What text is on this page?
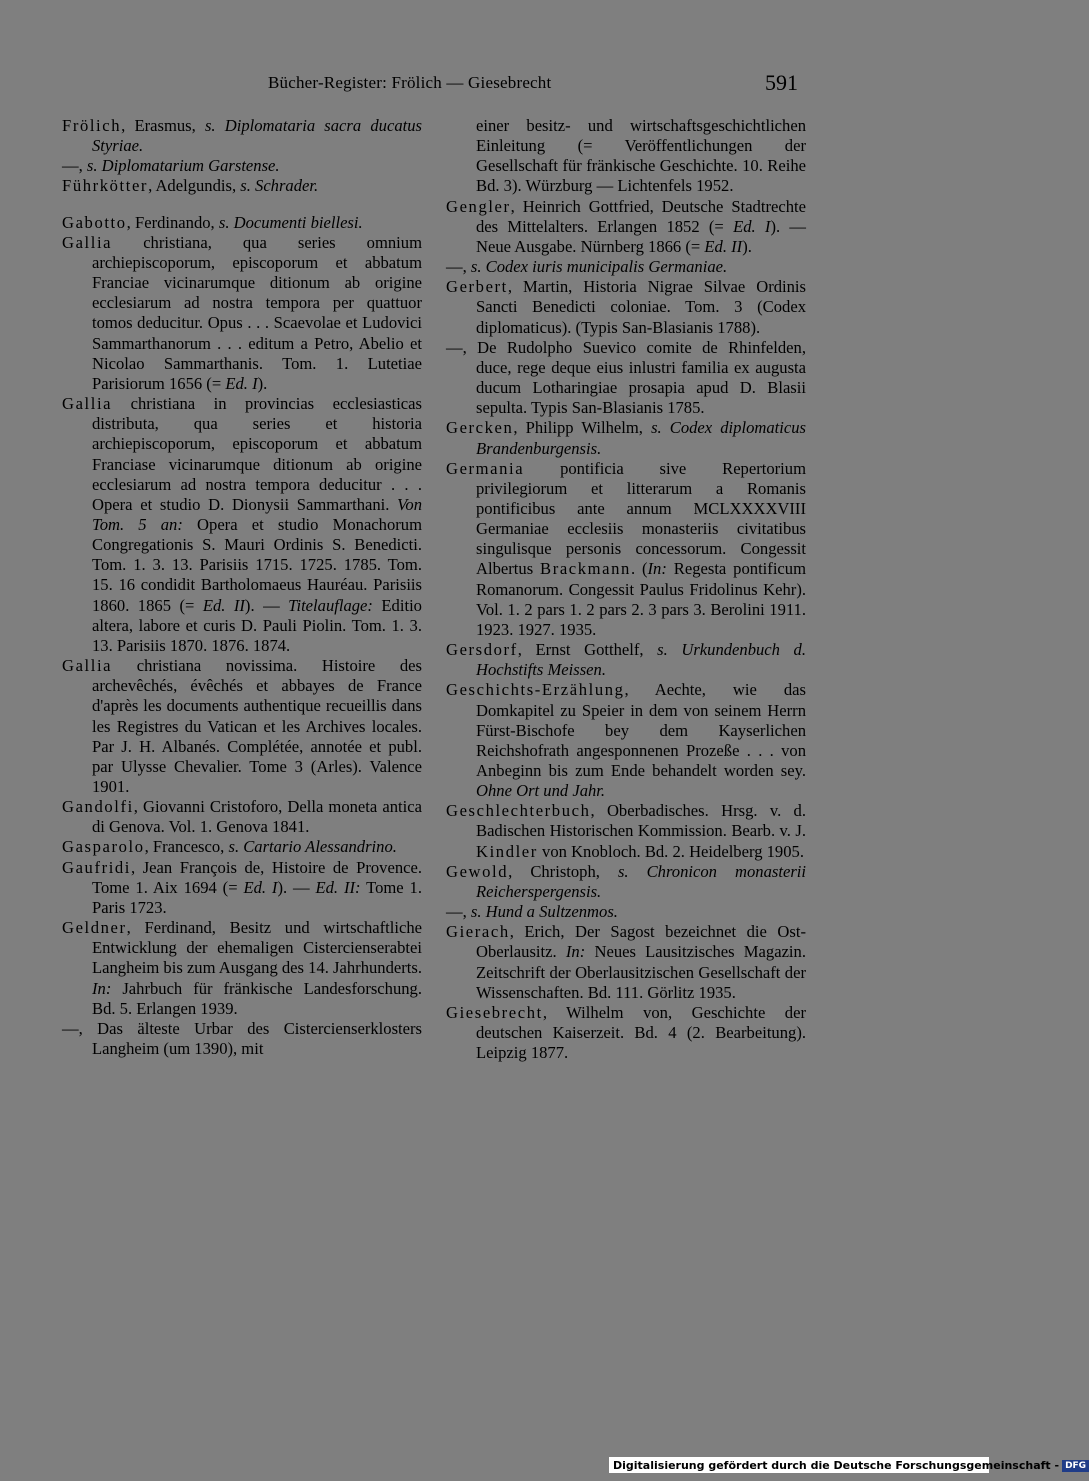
Bücher-Register: Frölich — Giesebrecht	591
Frölich, Erasmus, s. Diplomataria sacra ducatus Styriae.
—, s. Diplomatarium Garstense.
Führkötter, Adelgundis, s. Schrader.
Gabotto, Ferdinando, s. Documenti biellesi.
Gallia christiana, qua series omnium archiepiscoporum, episcoporum et abbatum Franciae vicinarumque ditionum ab origine ecclesiarum ad nostra tempora per quattuor tomos deducitur. Opus . . . Scaevolae et Ludovici Sammarthanorum . . . editum a Petro, Abelio et Nicolao Sammarthanis. Tom. 1. Lutetiae Parisiorum 1656 (= Ed. I).
Gallia christiana in provincias ecclesiasticas distributa, qua series et historia archiepiscoporum, episcoporum et abbatum Franciase vicinarumque ditionum ab origine ecclesiarum ad nostra tempora deducitur . . . Opera et studio D. Dionysii Sammarthani. Von Tom. 5 an: Opera et studio Monachorum Congregationis S. Mauri Ordinis S. Benedicti. Tom. 1. 3. 13. Parisiis 1715. 1725. 1785. Tom. 15. 16 condidit Bartholomaeus Hauréau. Parisiis 1860. 1865 (= Ed. II). — Titelauflage: Editio altera, labore et curis D. Pauli Piolin. Tom. 1. 3. 13. Parisiis 1870. 1876. 1874.
Gallia christiana novissima. Histoire des archevêchés, évêchés et abbayes de France d'après les documents authentique recueillis dans les Registres du Vatican et les Archives locales. Par J. H. Albanés. Complétée, annotée et publ. par Ulysse Chevalier. Tome 3 (Arles). Valence 1901.
Gandolfi, Giovanni Cristoforo, Della moneta antica di Genova. Vol. 1. Genova 1841.
Gasparolo, Francesco, s. Cartario Alessandrino.
Gaufridi, Jean François de, Histoire de Provence. Tome 1. Aix 1694 (= Ed. I). — Ed. II: Tome 1. Paris 1723.
Geldner, Ferdinand, Besitz und wirtschaftliche Entwicklung der ehemaligen Cistercienserabtei Langheim bis zum Ausgang des 14. Jahrhunderts. In: Jahrbuch für fränkische Landesforschung. Bd. 5. Erlangen 1939.
—, Das älteste Urbar des Cistercienserklosters Langheim (um 1390), mit
einer besitz- und wirtschaftsgeschichtlichen Einleitung (= Veröffentlichungen der Gesellschaft für fränkische Geschichte. 10. Reihe Bd. 3). Würzburg — Lichtenfels 1952.
Gengler, Heinrich Gottfried, Deutsche Stadtrechte des Mittelalters. Erlangen 1852 (= Ed. I). — Neue Ausgabe. Nürnberg 1866 (= Ed. II).
—, s. Codex iuris municipalis Germaniae.
Gerbert, Martin, Historia Nigrae Silvae Ordinis Sancti Benedicti coloniae. Tom. 3 (Codex diplomaticus). (Typis San-Blasianis 1788).
—, De Rudolpho Suevico comite de Rhinfelden, duce, rege deque eius inlustri familia ex augusta ducum Lotharingiae prosapia apud D. Blasii sepulta. Typis San-Blasianis 1785.
Gercken, Philipp Wilhelm, s. Codex diplomaticus Brandenburgensis.
Germania pontificia sive Repertorium privilegiorum et litterarum a Romanis pontificibus ante annum MCLXXXXVIII Germaniae ecclesiis monasteriis civitatibus singulisque personis concessorum. Congessit Albertus Brackmann. (In: Regesta pontificum Romanorum. Congessit Paulus Fridolinus Kehr). Vol. 1. 2 pars 1. 2 pars 2. 3 pars 3. Berolini 1911. 1923. 1927. 1935.
Gersdorf, Ernst Gotthelf, s. Urkundenbuch d. Hochstifts Meissen.
Geschichts-Erzählung, Aechte, wie das Domkapitel zu Speier in dem von seinem Herrn Fürst-Bischofe bey dem Kayserlichen Reichshofrath angesponnenen Prozeße . . . von Anbeginn bis zum Ende behandelt worden sey. Ohne Ort und Jahr.
Geschlechterbuch, Oberbadisches. Hrsg. v. d. Badischen Historischen Kommission. Bearb. v. J. Kindler von Knobloch. Bd. 2. Heidelberg 1905.
Gewold, Christoph, s. Chronicon monasterii Reicherspergensis.
—, s. Hund a Sultzenmos.
Gierach, Erich, Der Sagost bezeichnet die Ost-Oberlausitz. In: Neues Lausitzisches Magazin. Zeitschrift der Oberlausitzischen Gesellschaft der Wissenschaften. Bd. 111. Görlitz 1935.
Giesebrecht, Wilhelm von, Geschichte der deutschen Kaiserzeit. Bd. 4 (2. Bearbeitung). Leipzig 1877.
Digitalisierung gefördert durch die Deutsche Forschungsgemeinschaft - DFG
